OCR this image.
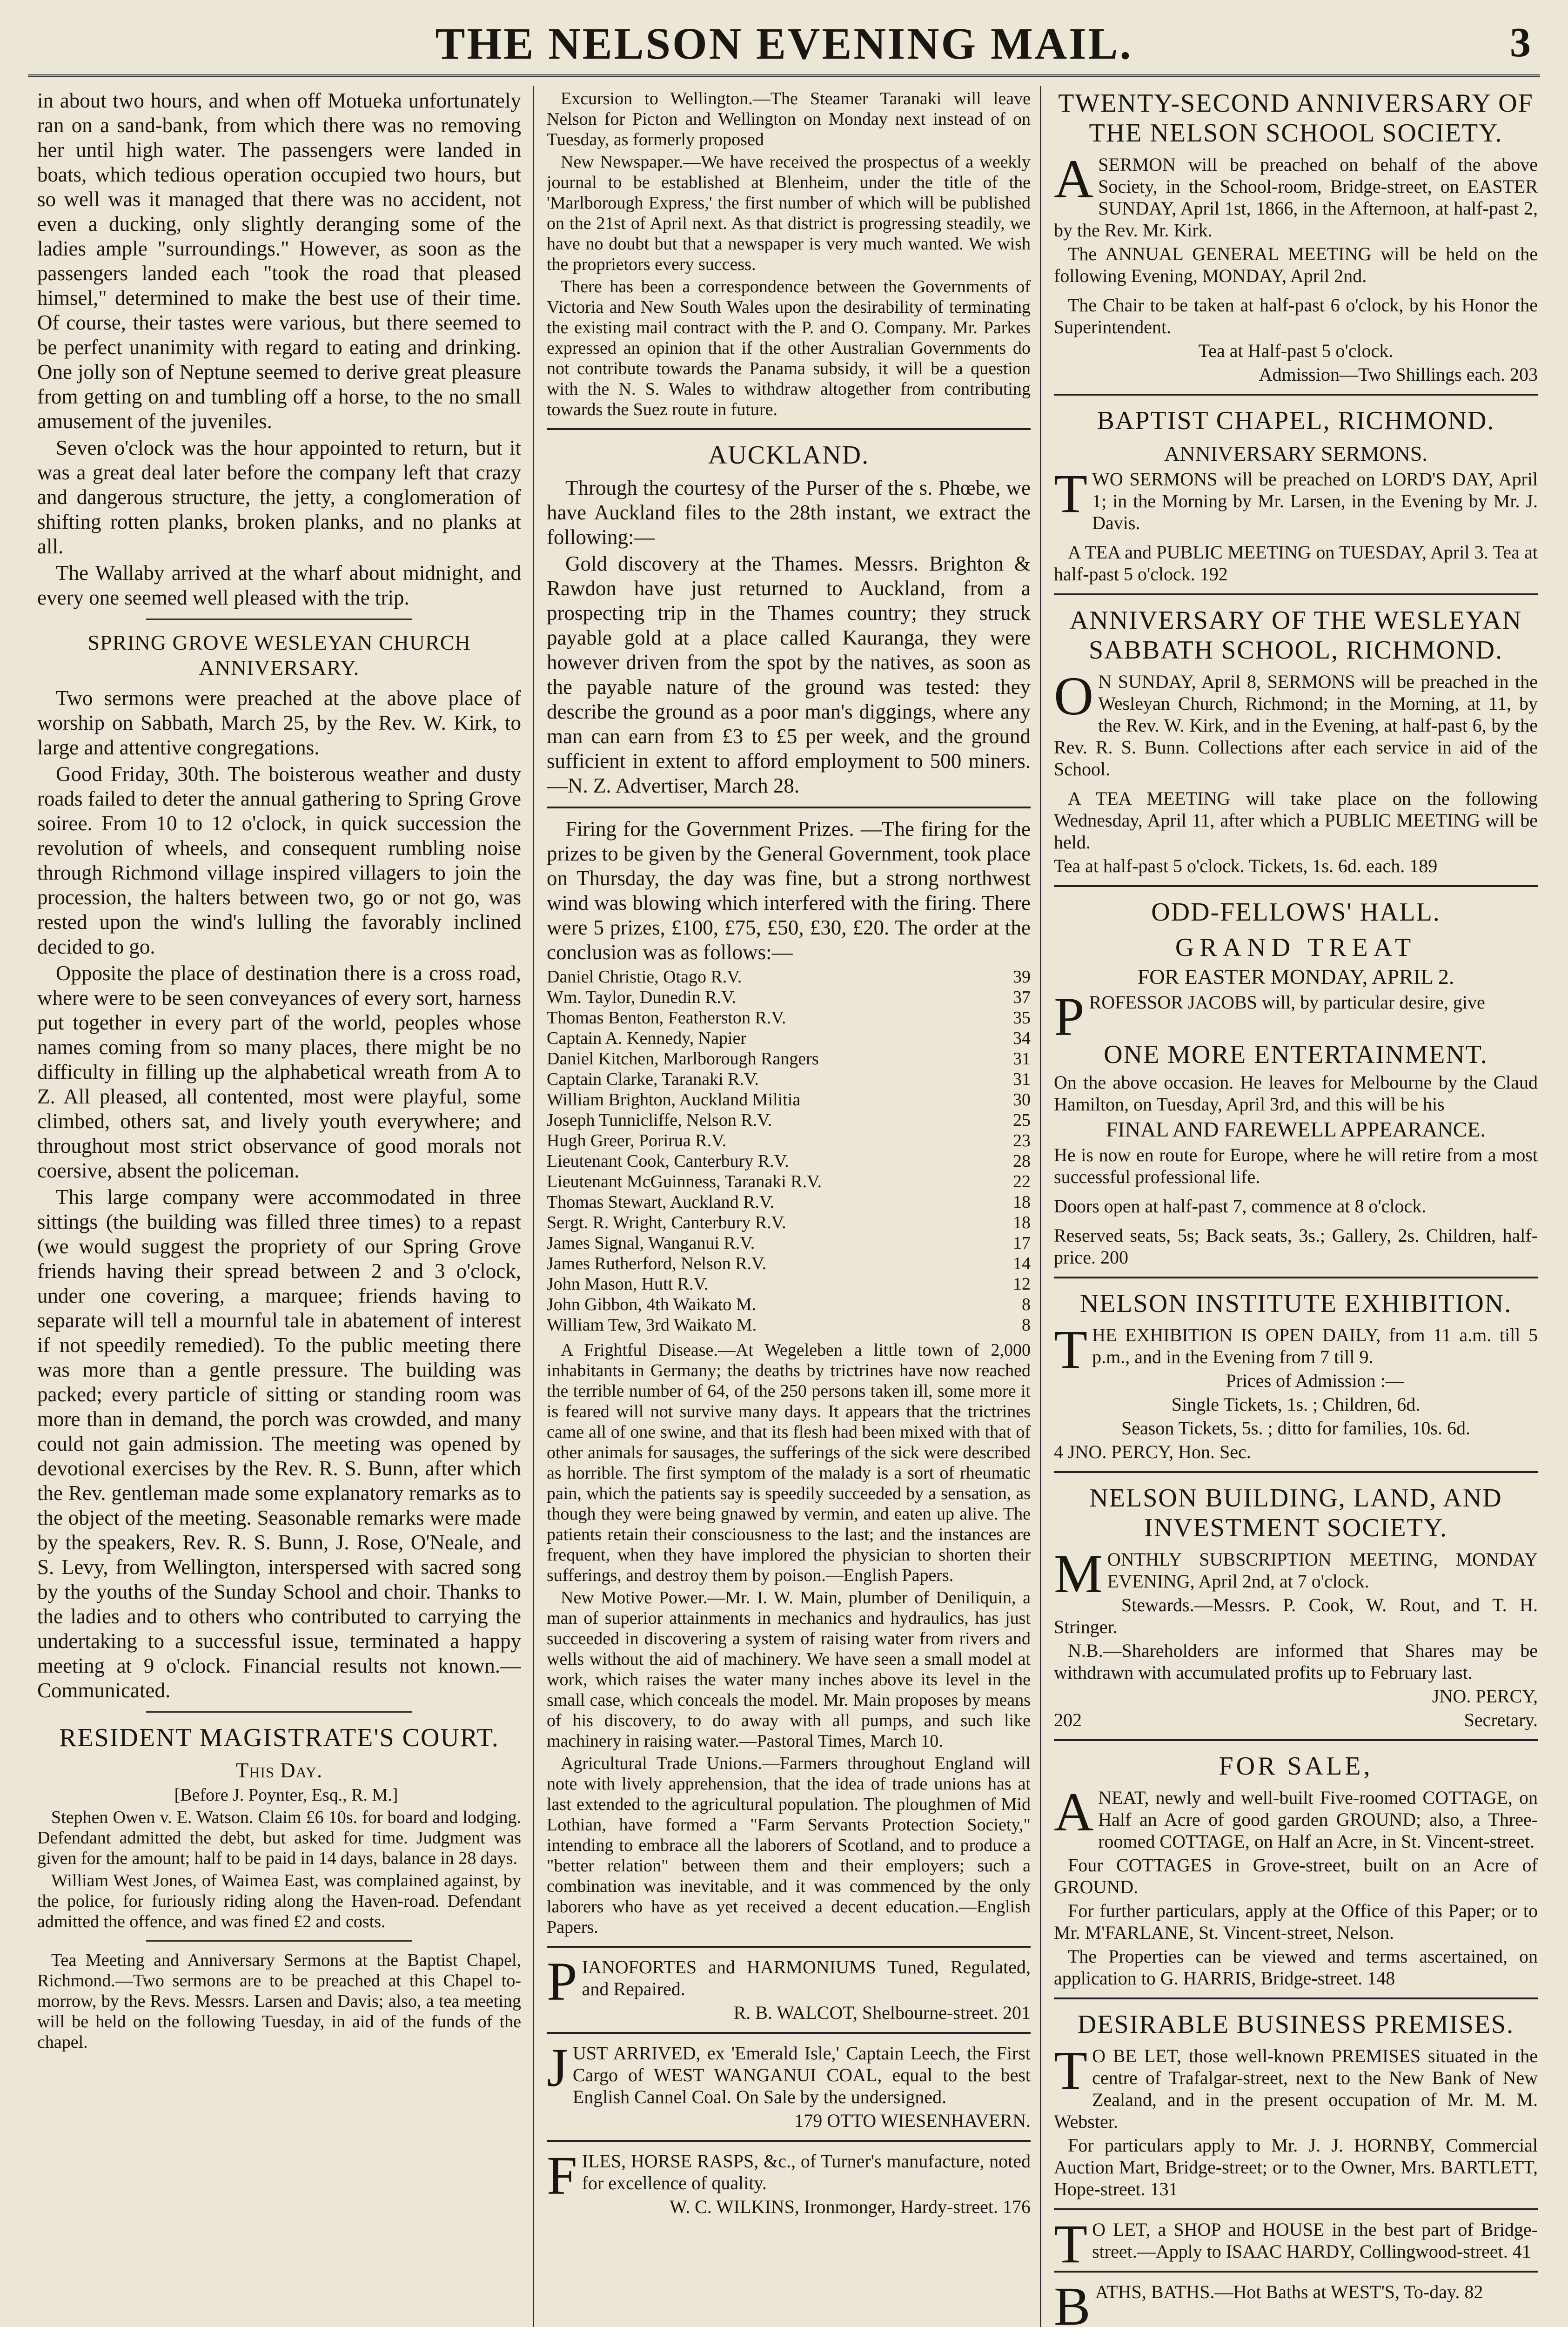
THE NELSON EVENING MAIL.	3

in about two hours, and when off Motueka unfortunately ran on a sand-bank, from which there was no removing her until high water. The passengers were landed in boats, which tedious operation occupied two hours, but so well was it managed that there was no accident, not even a ducking, only slightly deranging some of the ladies ample "surroundings." However, as soon as the passengers landed each "took the road that pleased himsel," determined to make the best use of their time. Of course, their tastes were various, but there seemed to be perfect unanimity with regard to eating and drinking. One jolly son of Neptune seemed to derive great pleasure from getting on and tumbling off a horse, to the no small amusement of the juveniles.

Seven o'clock was the hour appointed to return, but it was a great deal later before the company left that crazy and dangerous structure, the jetty, a conglomeration of shifting rotten planks, broken planks, and no planks at all.

The Wallaby arrived at the wharf about midnight, and every one seemed well pleased with the trip.

SPRING GROVE WESLEYAN CHURCH ANNIVERSARY.

Two sermons were preached at the above place of worship on Sabbath, March 25, by the Rev. W. Kirk, to large and attentive congregations.

Good Friday, 30th. The boisterous weather and dusty roads failed to deter the annual gathering to Spring Grove soiree. From 10 to 12 o'clock, in quick succession the revolution of wheels, and consequent rumbling noise through Richmond village inspired villagers to join the procession, the halters between two, go or not go, was rested upon the wind's lulling the favorably inclined decided to go.

Opposite the place of destination there is a cross road, where were to be seen conveyances of every sort, harness put together in every part of the world, peoples whose names coming from so many places, there might be no difficulty in filling up the alphabetical wreath from A to Z. All pleased, all contented, most were playful, some climbed, others sat, and lively youth everywhere; and throughout most strict observance of good morals not coersive, absent the policeman.

This large company were accommodated in three sittings (the building was filled three times) to a repast (we would suggest the propriety of our Spring Grove friends having their spread between 2 and 3 o'clock, under one covering, a marquee; friends having to separate will tell a mournful tale in abatement of interest if not speedily remedied). To the public meeting there was more than a gentle pressure. The building was packed; every particle of sitting or standing room was more than in demand, the porch was crowded, and many could not gain admission. The meeting was opened by devotional exercises by the Rev. R. S. Bunn, after which the Rev. gentleman made some explanatory remarks as to the object of the meeting. Seasonable remarks were made by the speakers, Rev. R. S. Bunn, J. Rose, O'Neale, and S. Levy, from Wellington, interspersed with sacred song by the youths of the Sunday School and choir. Thanks to the ladies and to others who contributed to carrying the undertaking to a successful issue, terminated a happy meeting at 9 o'clock. Financial results not known.—Communicated.

RESIDENT MAGISTRATE'S COURT.

This Day.

[Before J. Poynter, Esq., R. M.]

Stephen Owen v. E. Watson. Claim £6 10s. for board and lodging. Defendant admitted the debt, but asked for time. Judgment was given for the amount; half to be paid in 14 days, balance in 28 days.

William West Jones, of Waimea East, was complained against, by the police, for furiously riding along the Haven-road. Defendant admitted the offence, and was fined £2 and costs.

Tea Meeting and Anniversary Sermons at the Baptist Chapel, Richmond.—Two sermons are to be preached at this Chapel to-morrow, by the Revs. Messrs. Larsen and Davis; also, a tea meeting will be held on the following Tuesday, in aid of the funds of the chapel.

Excursion to Wellington.—The Steamer Taranaki will leave Nelson for Picton and Wellington on Monday next instead of on Tuesday, as formerly proposed

New Newspaper.—We have received the prospectus of a weekly journal to be established at Blenheim, under the title of the 'Marlborough Express,' the first number of which will be published on the 21st of April next. As that district is progressing steadily, we have no doubt but that a newspaper is very much wanted. We wish the proprietors every success.

There has been a correspondence between the Governments of Victoria and New South Wales upon the desirability of terminating the existing mail contract with the P. and O. Company. Mr. Parkes expressed an opinion that if the other Australian Governments do not contribute towards the Panama subsidy, it will be a question with the N. S. Wales to withdraw altogether from contributing towards the Suez route in future.

AUCKLAND.

Through the courtesy of the Purser of the s. Phœbe, we have Auckland files to the 28th instant, we extract the following:—

Gold discovery at the Thames. Messrs. Brighton & Rawdon have just returned to Auckland, from a prospecting trip in the Thames country; they struck payable gold at a place called Kauranga, they were however driven from the spot by the natives, as soon as the payable nature of the ground was tested: they describe the ground as a poor man's diggings, where any man can earn from £3 to £5 per week, and the ground sufficient in extent to afford employment to 500 miners. —N. Z. Advertiser, March 28.

Firing for the Government Prizes. —The firing for the prizes to be given by the General Government, took place on Thursday, the day was fine, but a strong northwest wind was blowing which interfered with the firing. There were 5 prizes, £100, £75, £50, £30, £20. The order at the conclusion was as follows:—

Daniel Christie, Otago R.V.	39
Wm. Taylor, Dunedin R.V.	37
Thomas Benton, Featherston R.V.	35
Captain A. Kennedy, Napier	34
Daniel Kitchen, Marlborough Rangers	31
Captain Clarke, Taranaki R.V.	31
William Brighton, Auckland Militia	30
Joseph Tunnicliffe, Nelson R.V.	25
Hugh Greer, Porirua R.V.	23
Lieutenant Cook, Canterbury R.V.	28
Lieutenant McGuinness, Taranaki R.V.	22
Thomas Stewart, Auckland R.V.	18
Sergt. R. Wright, Canterbury R.V.	18
James Signal, Wanganui R.V.	17
James Rutherford, Nelson R.V.	14
John Mason, Hutt R.V.	12
John Gibbon, 4th Waikato M.	8
William Tew, 3rd Waikato M.	8

A Frightful Disease.—At Wegeleben a little town of 2,000 inhabitants in Germany; the deaths by trictrines have now reached the terrible number of 64, of the 250 persons taken ill, some more it is feared will not survive many days. It appears that the trictrines came all of one swine, and that its flesh had been mixed with that of other animals for sausages, the sufferings of the sick were described as horrible. The first symptom of the malady is a sort of rheumatic pain, which the patients say is speedily succeeded by a sensation, as though they were being gnawed by vermin, and eaten up alive. The patients retain their consciousness to the last; and the instances are frequent, when they have implored the physician to shorten their sufferings, and destroy them by poison.—English Papers.

New Motive Power.—Mr. I. W. Main, plumber of Deniliquin, a man of superior attainments in mechanics and hydraulics, has just succeeded in discovering a system of raising water from rivers and wells without the aid of machinery. We have seen a small model at work, which raises the water many inches above its level in the small case, which conceals the model. Mr. Main proposes by means of his discovery, to do away with all pumps, and such like machinery in raising water.—Pastoral Times, March 10.

Agricultural Trade Unions.—Farmers throughout England will note with lively apprehension, that the idea of trade unions has at last extended to the agricultural population. The ploughmen of Mid Lothian, have formed a "Farm Servants Protection Society," intending to embrace all the laborers of Scotland, and to produce a "better relation" between them and their employers; such a combination was inevitable, and it was commenced by the only laborers who have as yet received a decent education.—English Papers.

PIANOFORTES and HARMONIUMS Tuned, Regulated, and Repaired.

R. B. WALCOT, Shelbourne-street. 201

JUST ARRIVED, ex 'Emerald Isle,' Captain Leech, the First Cargo of WEST WANGANUI COAL, equal to the best English Cannel Coal. On Sale by the undersigned.

179 OTTO WIESENHAVERN.

FILES, HORSE RASPS, &c., of Turner's manufacture, noted for excellence of quality.

W. C. WILKINS, Ironmonger, Hardy-street. 176

TWENTY-SECOND ANNIVERSARY OF THE NELSON SCHOOL SOCIETY.

ASERMON will be preached on behalf of the above Society, in the School-room, Bridge-street, on EASTER SUNDAY, April 1st, 1866, in the Afternoon, at half-past 2, by the Rev. Mr. Kirk.

The ANNUAL GENERAL MEETING will be held on the following Evening, MONDAY, April 2nd.

The Chair to be taken at half-past 6 o'clock, by his Honor the Superintendent.

Tea at Half-past 5 o'clock.

Admission—Two Shillings each. 203

BAPTIST CHAPEL, RICHMOND.

ANNIVERSARY SERMONS.

TWO SERMONS will be preached on LORD'S DAY, April 1; in the Morning by Mr. Larsen, in the Evening by Mr. J. Davis.

A TEA and PUBLIC MEETING on TUESDAY, April 3. Tea at half-past 5 o'clock. 192

ANNIVERSARY OF THE WESLEYAN SABBATH SCHOOL, RICHMOND.

O N SUNDAY, April 8, SERMONS will be preached in the Wesleyan Church, Richmond; in the Morning, at 11, by the Rev. W. Kirk, and in the Evening, at half-past 6, by the Rev. R. S. Bunn. Collections after each service in aid of the School.

A TEA MEETING will take place on the following Wednesday, April 11, after which a PUBLIC MEETING will be held.

Tea at half-past 5 o'clock. Tickets, 1s. 6d. each. 189

ODD-FELLOWS' HALL.

GRAND TREAT

FOR EASTER MONDAY, APRIL 2.

PROFESSOR JACOBS will, by particular desire, give

ONE MORE ENTERTAINMENT.

On the above occasion. He leaves for Melbourne by the Claud Hamilton, on Tuesday, April 3rd, and this will be his

FINAL AND FAREWELL APPEARANCE.

He is now en route for Europe, where he will retire from a most successful professional life.

Doors open at half-past 7, commence at 8 o'clock.

Reserved seats, 5s; Back seats, 3s.; Gallery, 2s. Children, half-price. 200

NELSON INSTITUTE EXHIBITION.

THE EXHIBITION IS OPEN DAILY, from 11 a.m. till 5 p.m., and in the Evening from 7 till 9.

Prices of Admission :—

Single Tickets, 1s. ; Children, 6d.

Season Tickets, 5s. ; ditto for families, 10s. 6d.

4 JNO. PERCY, Hon. Sec.

NELSON BUILDING, LAND, AND INVESTMENT SOCIETY.

MONTHLY SUBSCRIPTION MEETING, MONDAY EVENING, April 2nd, at 7 o'clock.

Stewards.—Messrs. P. Cook, W. Rout, and T. H. Stringer.

N.B.—Shareholders are informed that Shares may be withdrawn with accumulated profits up to February last.

JNO. PERCY,

202	Secretary.

FOR SALE,

ANEAT, newly and well-built Five-roomed COTTAGE, on Half an Acre of good garden GROUND; also, a Three-roomed COTTAGE, on Half an Acre, in St. Vincent-street.

Four COTTAGES in Grove-street, built on an Acre of GROUND.

For further particulars, apply at the Office of this Paper; or to Mr. M'FARLANE, St. Vincent-street, Nelson.

The Properties can be viewed and terms ascertained, on application to G. HARRIS, Bridge-street. 148

DESIRABLE BUSINESS PREMISES.

T O BE LET, those well-known PREMISES situated in the centre of Trafalgar-street, next to the New Bank of New Zealand, and in the present occupation of Mr. M. M. Webster.

For particulars apply to Mr. J. J. HORNBY, Commercial Auction Mart, Bridge-street; or to the Owner, Mrs. BARTLETT, Hope-street. 131

T O LET, a SHOP and HOUSE in the best part of Bridge-street.—Apply to ISAAC HARDY, Collingwood-street. 41

BATHS, BATHS.—Hot Baths at WEST'S, To-day. 82
